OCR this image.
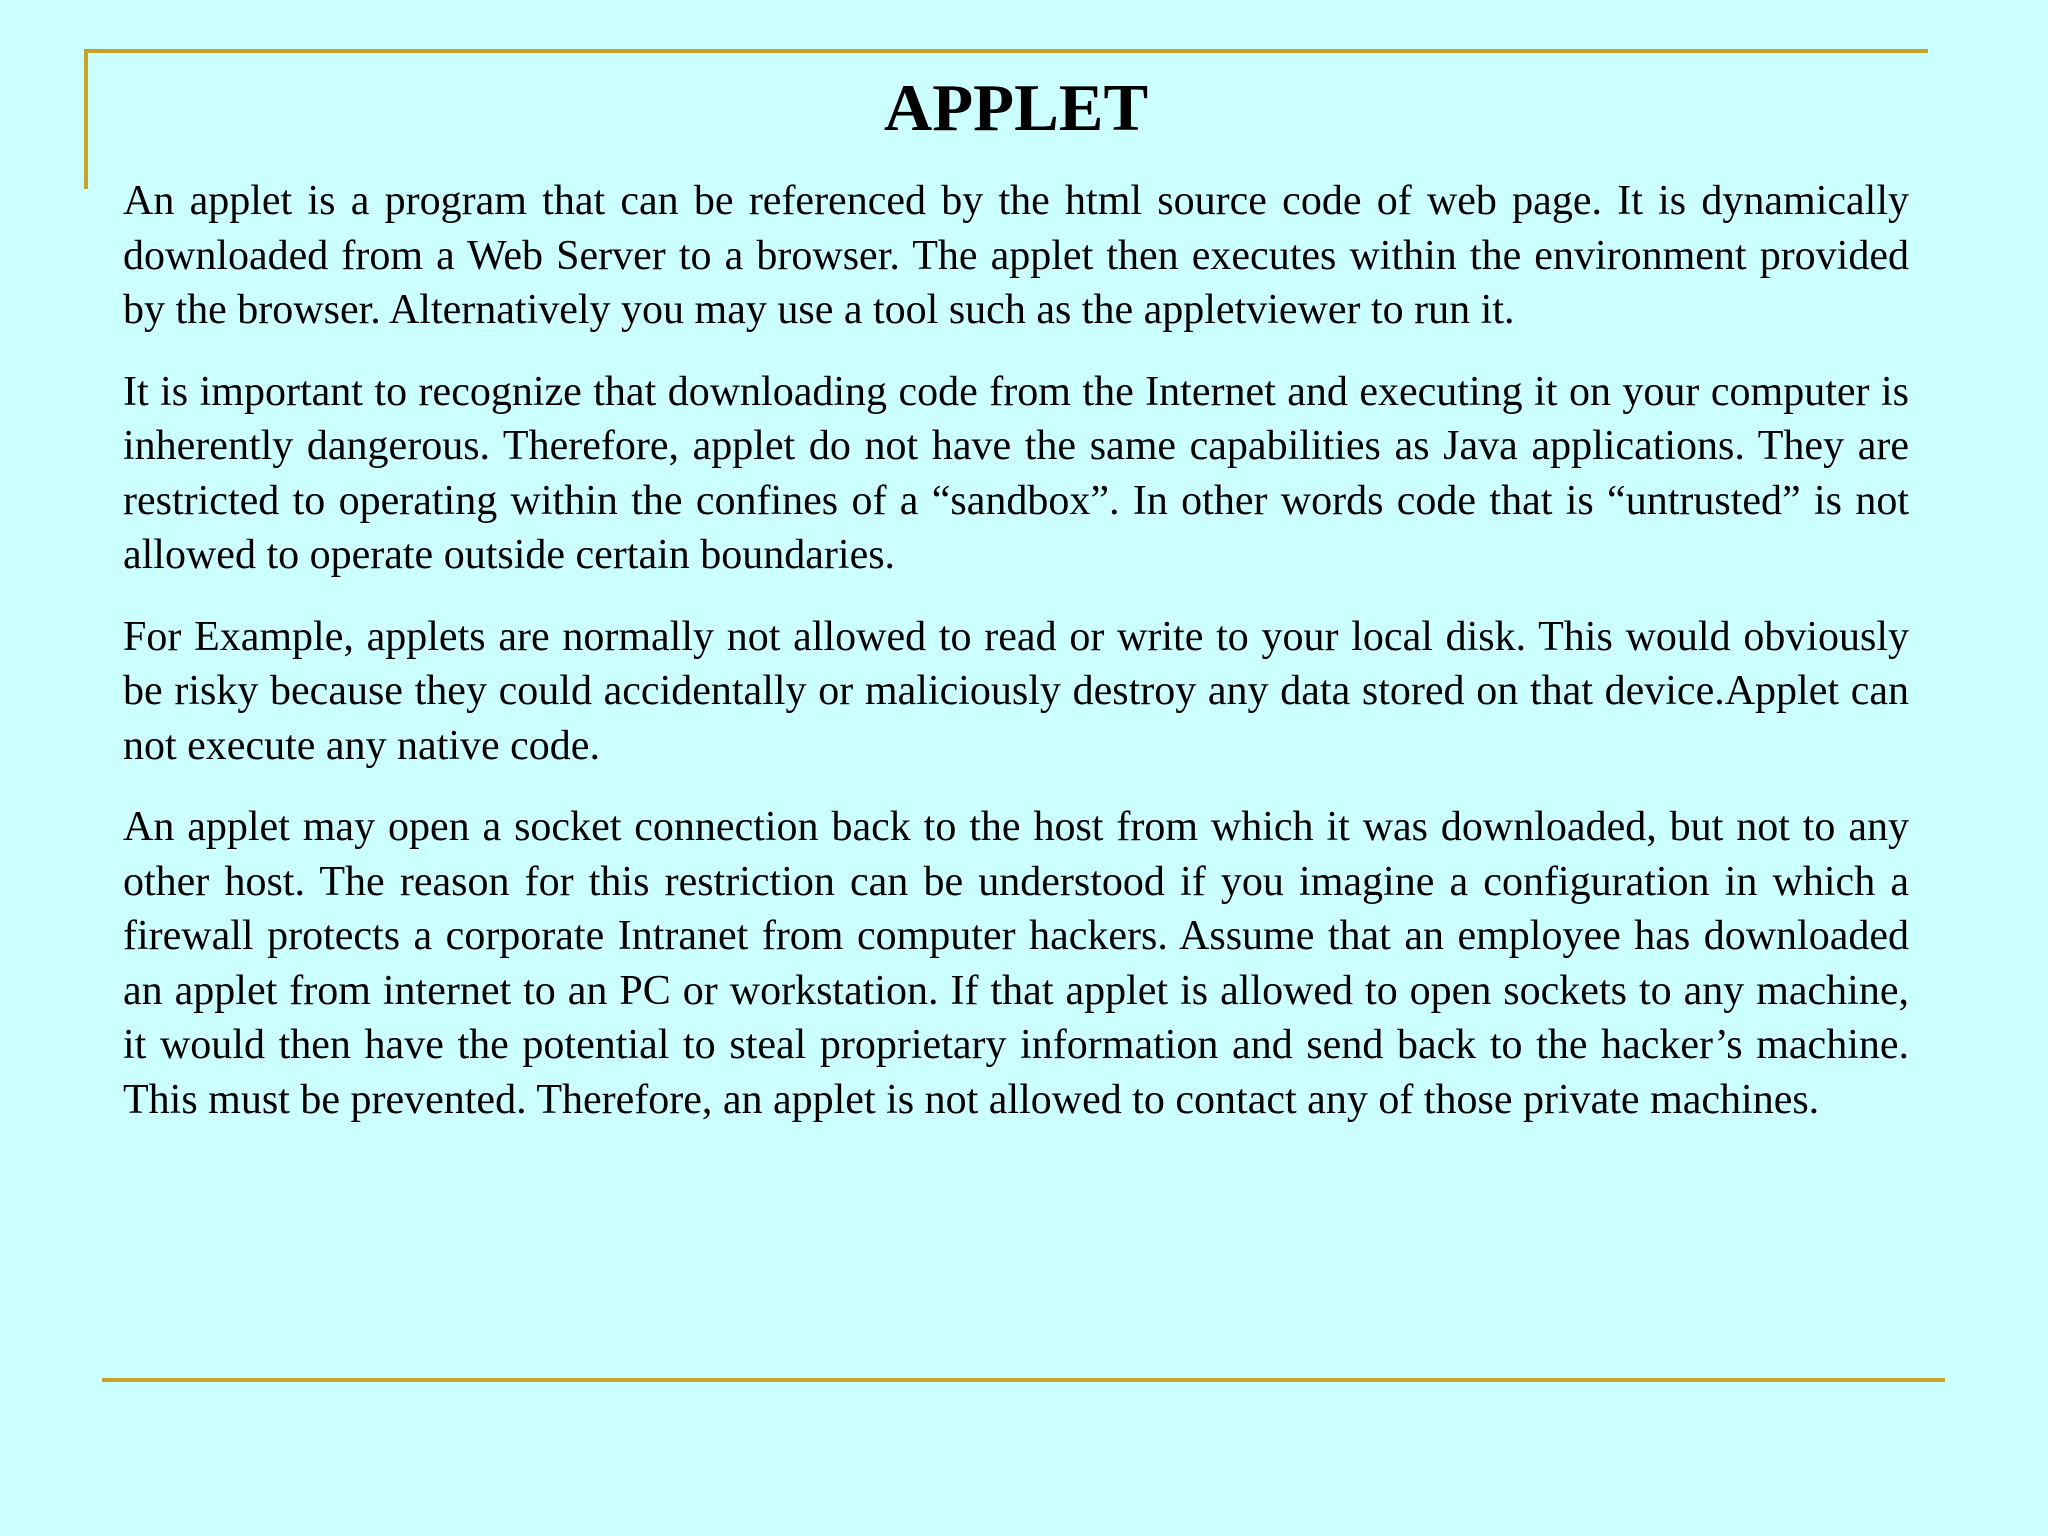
APPLET

An applet is a program that can be referenced by the html source code of web page. It is dynamically downloaded from a Web Server to a browser. The applet then executes within the environment provided by the browser. Alternatively you may use a tool such as the appletviewer to run it.

It is important to recognize that downloading code from the Internet and executing it on your computer is inherently dangerous. Therefore, applet do not have the same capabilities as Java applications. They are restricted to operating within the confines of a “sandbox”. In other words code that is “untrusted” is not allowed to operate outside certain boundaries.

For Example, applets are normally not allowed to read or write to your local disk. This would obviously be risky because they could accidentally or maliciously destroy any data stored on that device.Applet can not execute any native code.

An applet may open a socket connection back to the host from which it was downloaded, but not to any other host. The reason for this restriction can be understood if you imagine a configuration in which a firewall protects a corporate Intranet from computer hackers. Assume that an employee has downloaded an applet from internet to an PC or workstation. If that applet is allowed to open sockets to any machine, it would then have the potential to steal proprietary information and send back to the hacker’s machine. This must be prevented. Therefore, an applet is not allowed to contact any of those private machines.
